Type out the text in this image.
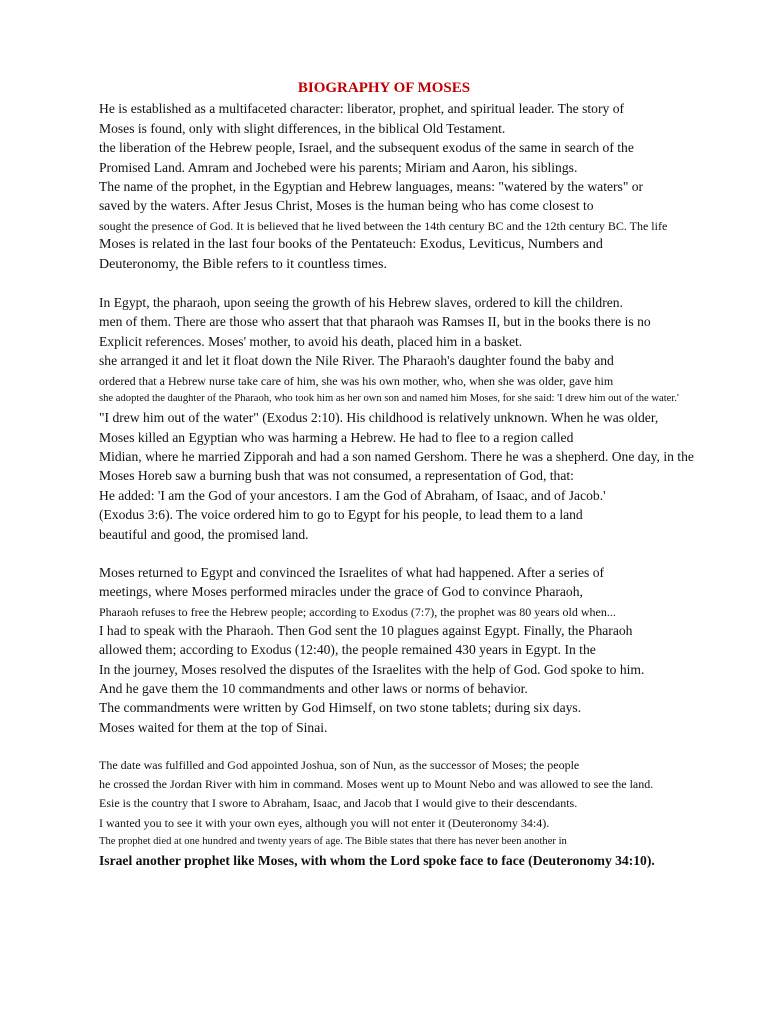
BIOGRAPHY OF MOSES
He is established as a multifaceted character: liberator, prophet, and spiritual leader. The story of
Moses is found, only with slight differences, in the biblical Old Testament.
the liberation of the Hebrew people, Israel, and the subsequent exodus of the same in search of the
Promised Land. Amram and Jochebed were his parents; Miriam and Aaron, his siblings.
The name of the prophet, in the Egyptian and Hebrew languages, means: "watered by the waters" or
saved by the waters. After Jesus Christ, Moses is the human being who has come closest to
sought the presence of God. It is believed that he lived between the 14th century BC and the 12th century BC. The life
Moses is related in the last four books of the Pentateuch: Exodus, Leviticus, Numbers and
Deuteronomy, the Bible refers to it countless times.
In Egypt, the pharaoh, upon seeing the growth of his Hebrew slaves, ordered to kill the children.
men of them. There are those who assert that that pharaoh was Ramses II, but in the books there is no
Explicit references. Moses' mother, to avoid his death, placed him in a basket.
she arranged it and let it float down the Nile River. The Pharaoh's daughter found the baby and
ordered that a Hebrew nurse take care of him, she was his own mother, who, when she was older, gave him
she adopted the daughter of the Pharaoh, who took him as her own son and named him Moses, for she said: 'I drew him out of the water.'
"I drew him out of the water" (Exodus 2:10). His childhood is relatively unknown. When he was older,
Moses killed an Egyptian who was harming a Hebrew. He had to flee to a region called
Midian, where he married Zipporah and had a son named Gershom. There he was a shepherd. One day, in the
Moses Horeb saw a burning bush that was not consumed, a representation of God, that:
He added: 'I am the God of your ancestors. I am the God of Abraham, of Isaac, and of Jacob.'
(Exodus 3:6). The voice ordered him to go to Egypt for his people, to lead them to a land
beautiful and good, the promised land.
Moses returned to Egypt and convinced the Israelites of what had happened. After a series of
meetings, where Moses performed miracles under the grace of God to convince Pharaoh,
Pharaoh refuses to free the Hebrew people; according to Exodus (7:7), the prophet was 80 years old when...
I had to speak with the Pharaoh. Then God sent the 10 plagues against Egypt. Finally, the Pharaoh
allowed them; according to Exodus (12:40), the people remained 430 years in Egypt. In the
In the journey, Moses resolved the disputes of the Israelites with the help of God. God spoke to him.
And he gave them the 10 commandments and other laws or norms of behavior.
The commandments were written by God Himself, on two stone tablets; during six days.
Moses waited for them at the top of Sinai.
The date was fulfilled and God appointed Joshua, son of Nun, as the successor of Moses; the people
he crossed the Jordan River with him in command. Moses went up to Mount Nebo and was allowed to see the land.
Esie is the country that I swore to Abraham, Isaac, and Jacob that I would give to their descendants.
I wanted you to see it with your own eyes, although you will not enter it (Deuteronomy 34:4).
The prophet died at one hundred and twenty years of age. The Bible states that there has never been another in
Israel another prophet like Moses, with whom the Lord spoke face to face (Deuteronomy 34:10).
